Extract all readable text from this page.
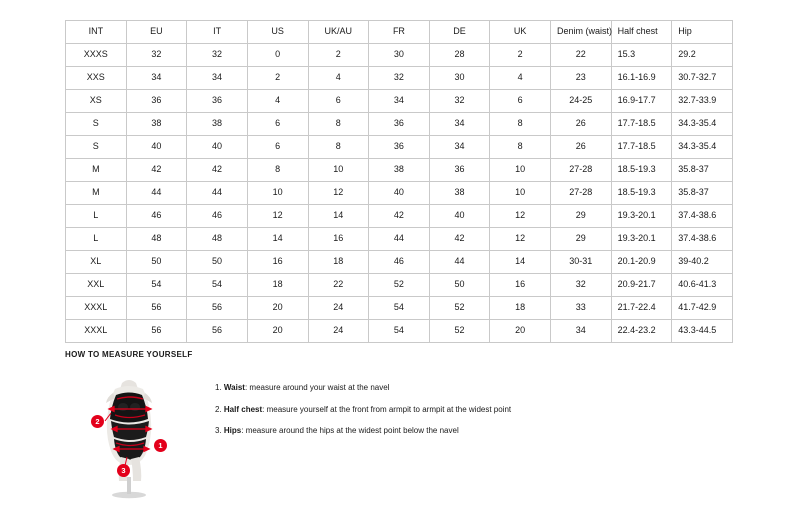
INT	EU	IT	US	UK/AU	FR	DE	UK	Denim (waist)	Half chest	Hip
XXXS	32	32	0	2	30	28	2	22	15.3	29.2
XXS	34	34	2	4	32	30	4	23	16.1-16.9	30.7-32.7
XS	36	36	4	6	34	32	6	24-25	16.9-17.7	32.7-33.9
S	38	38	6	8	36	34	8	26	17.7-18.5	34.3-35.4
S	40	40	6	8	36	34	8	26	17.7-18.5	34.3-35.4
M	42	42	8	10	38	36	10	27-28	18.5-19.3	35.8-37
M	44	44	10	12	40	38	10	27-28	18.5-19.3	35.8-37
L	46	46	12	14	42	40	12	29	19.3-20.1	37.4-38.6
L	48	48	14	16	44	42	12	29	19.3-20.1	37.4-38.6
XL	50	50	16	18	46	44	14	30-31	20.1-20.9	39-40.2
XXL	54	54	18	22	52	50	16	32	20.9-21.7	40.6-41.3
XXXL	56	56	20	24	54	52	18	33	21.7-22.4	41.7-42.9
XXXL	56	56	20	24	54	52	20	34	22.4-23.2	43.3-44.5
HOW TO MEASURE YOURSELF
1
2
3

1. Waist: measure around your waist at the navel

2. Half chest: measure yourself at the front from armpit to armpit at the widest point

3. Hips: measure around the hips at the widest point below the navel
